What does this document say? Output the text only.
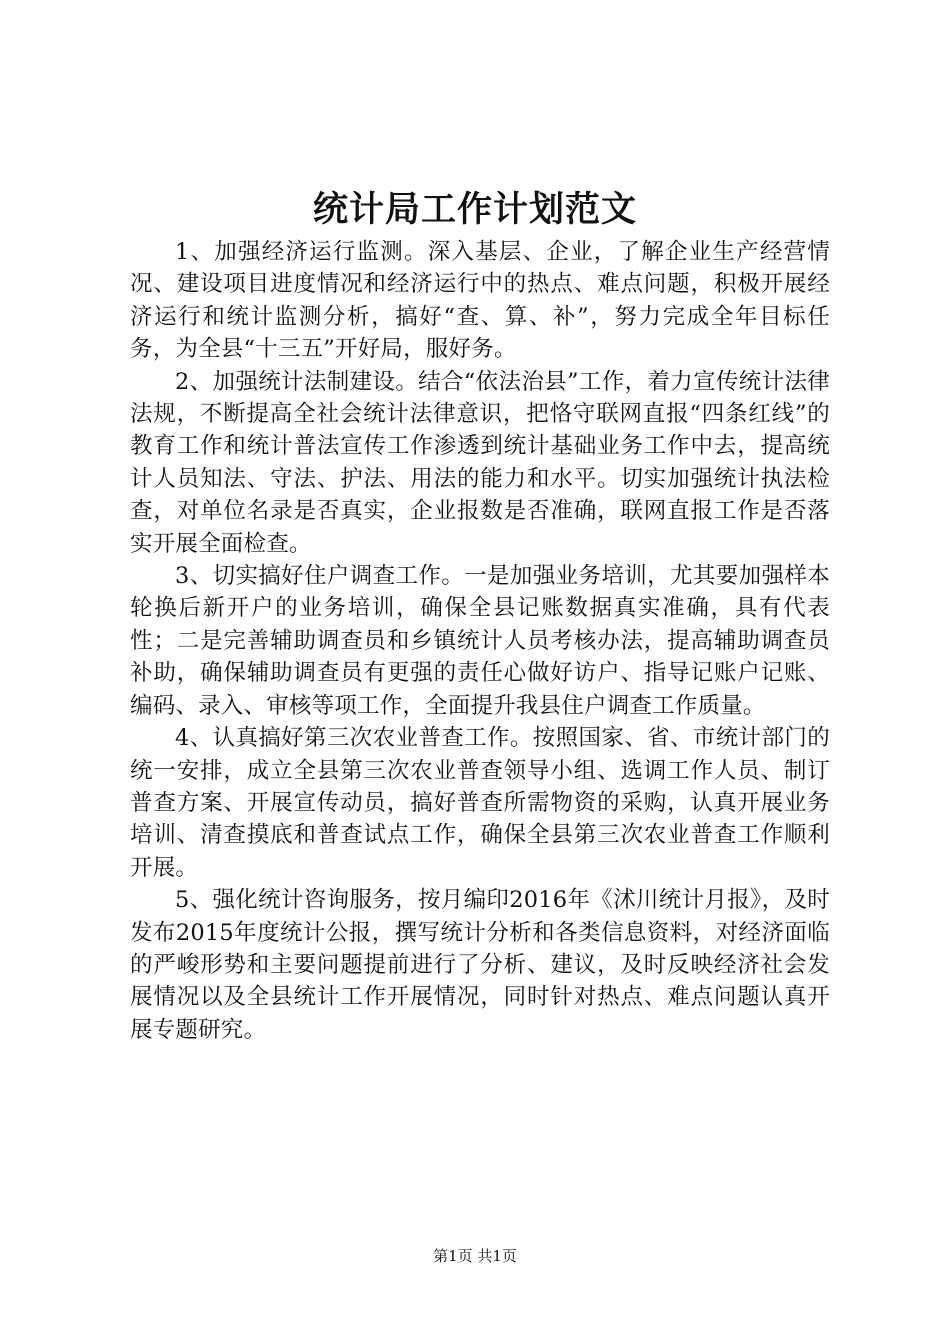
统计局工作计划范文

1、加强经济运行监测。深入基层、企业，了解企业生产经营情况、建设项目进度情况和经济运行中的热点、难点问题，积极开展经济运行和统计监测分析，搞好“查、算、补”，努力完成全年目标任务，为全县“十三五”开好局，服好务。

2、加强统计法制建设。结合“依法治县”工作，着力宣传统计法律法规，不断提高全社会统计法律意识，把恪守联网直报“四条红线”的教育工作和统计普法宣传工作渗透到统计基础业务工作中去，提高统计人员知法、守法、护法、用法的能力和水平。切实加强统计执法检查，对单位名录是否真实，企业报数是否准确，联网直报工作是否落实开展全面检查。

3、切实搞好住户调查工作。一是加强业务培训，尤其要加强样本轮换后新开户的业务培训，确保全县记账数据真实准确，具有代表性；二是完善辅助调查员和乡镇统计人员考核办法，提高辅助调查员补助，确保辅助调查员有更强的责任心做好访户、指导记账户记账、编码、录入、审核等项工作，全面提升我县住户调查工作质量。

4、认真搞好第三次农业普查工作。按照国家、省、市统计部门的统一安排，成立全县第三次农业普查领导小组、选调工作人员、制订普查方案、开展宣传动员，搞好普查所需物资的采购，认真开展业务培训、清查摸底和普查试点工作，确保全县第三次农业普查工作顺利开展。

5、强化统计咨询服务，按月编印2016年《沭川统计月报》，及时发布2015年度统计公报，撰写统计分析和各类信息资料，对经济面临的严峻形势和主要问题提前进行了分析、建议，及时反映经济社会发展情况以及全县统计工作开展情况，同时针对热点、难点问题认真开展专题研究。

第1页 共1页
